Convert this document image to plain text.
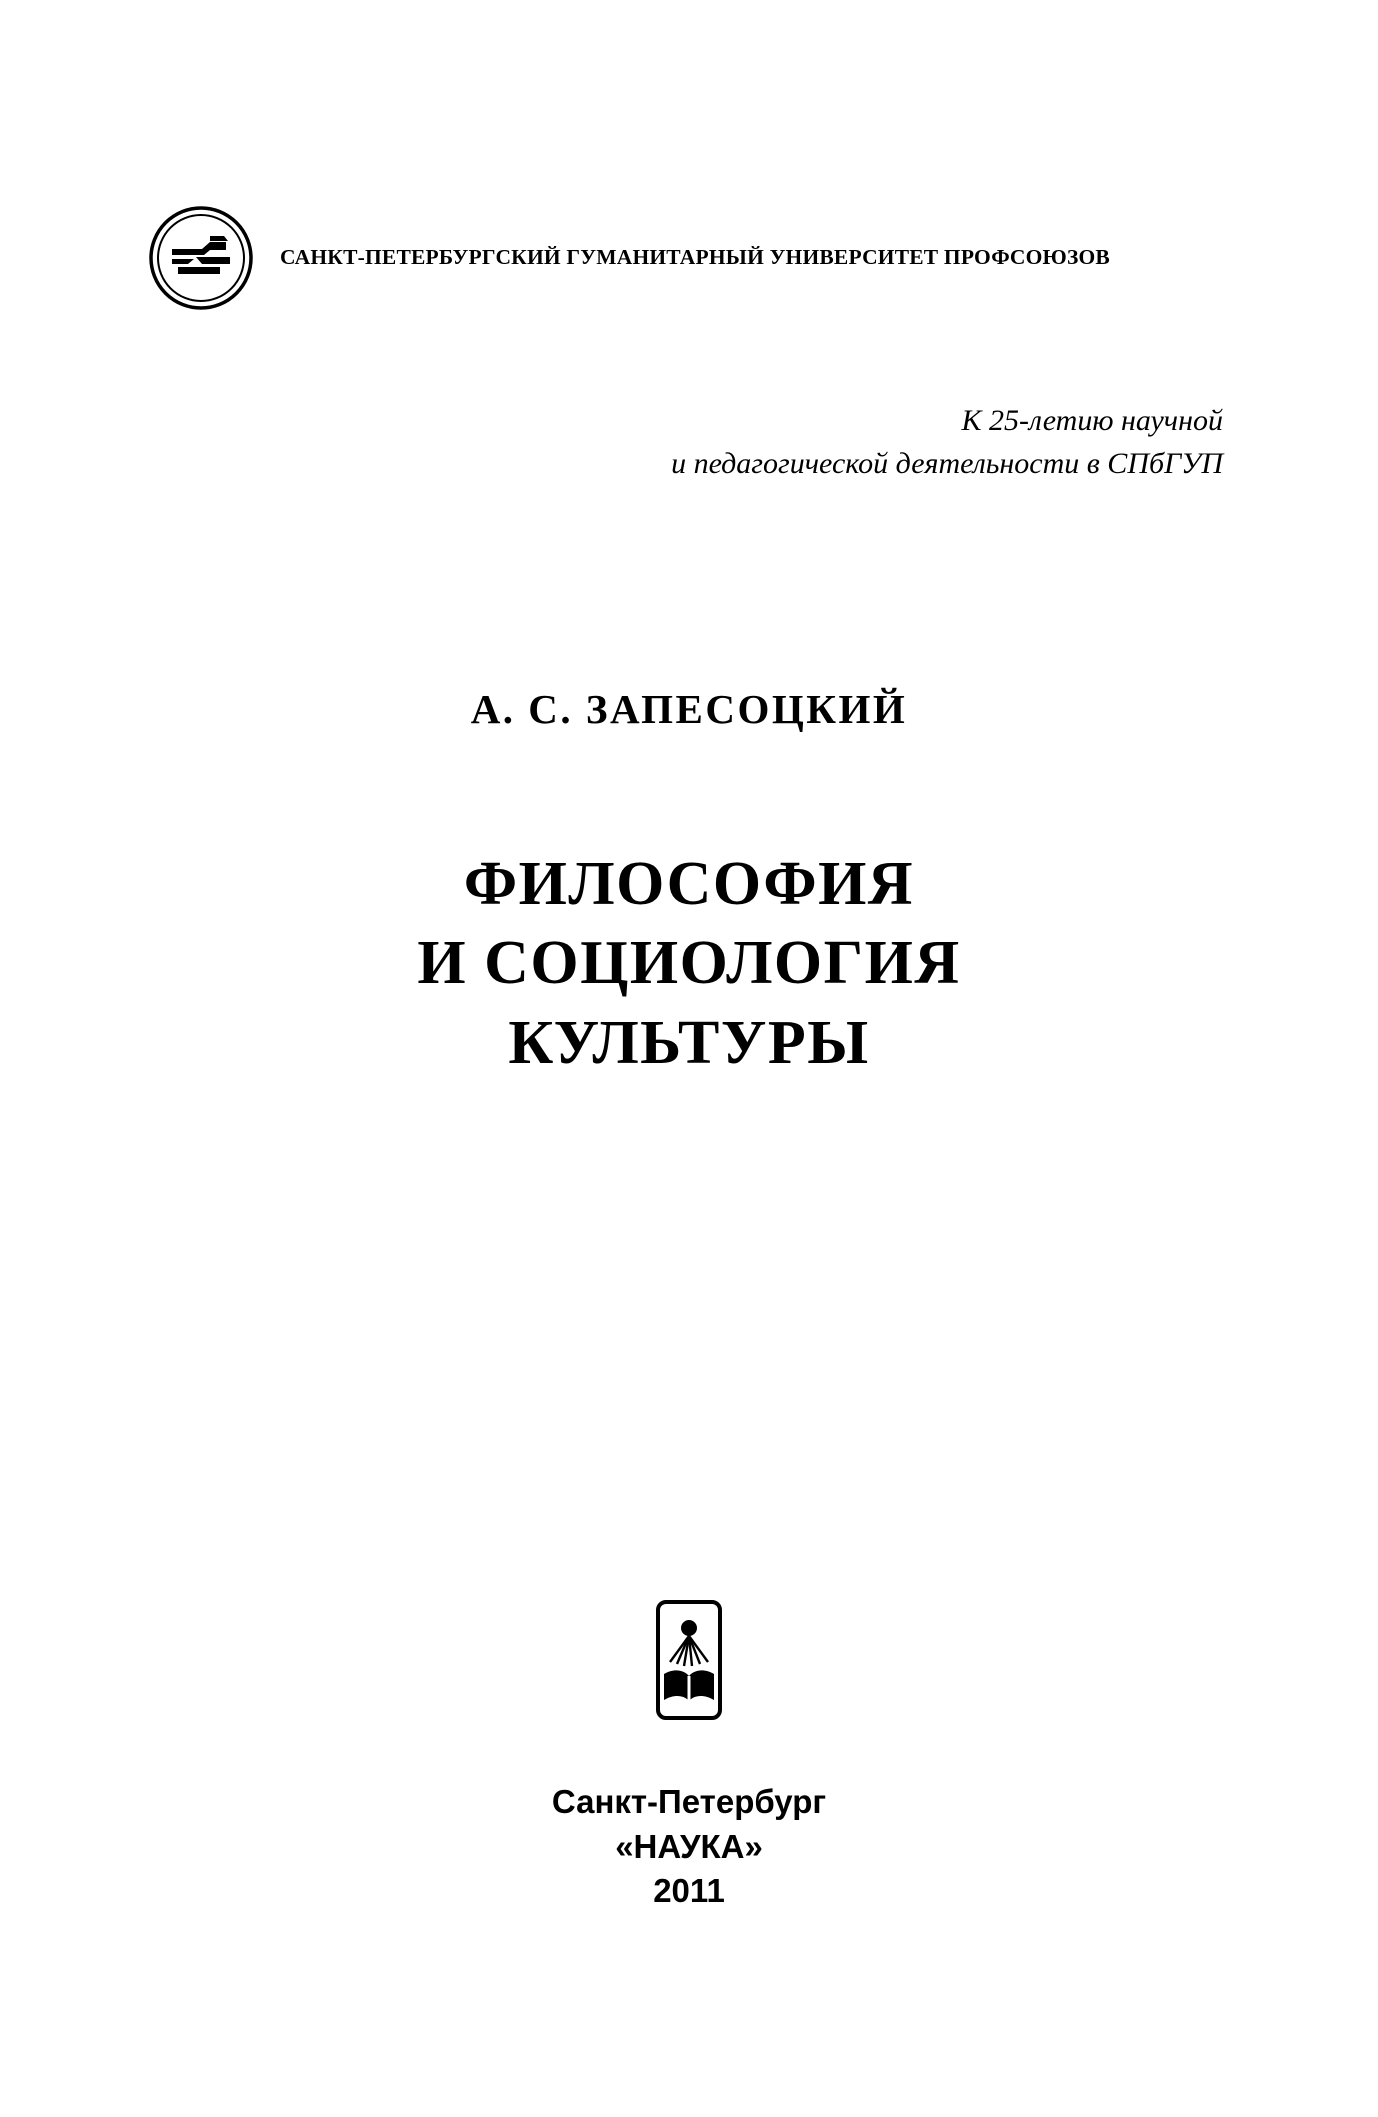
САНКТ-ПЕТЕРБУРГСКИЙ ГУМАНИТАРНЫЙ УНИВЕРСИТЕТ ПРОФСОЮЗОВ
К 25-летию научной
и педагогической деятельности в СПбГУП
А. С. ЗАПЕСОЦКИЙ
ФИЛОСОФИЯ
И СОЦИОЛОГИЯ
КУЛЬТУРЫ
Санкт-Петербург
«НАУКА»
2011
